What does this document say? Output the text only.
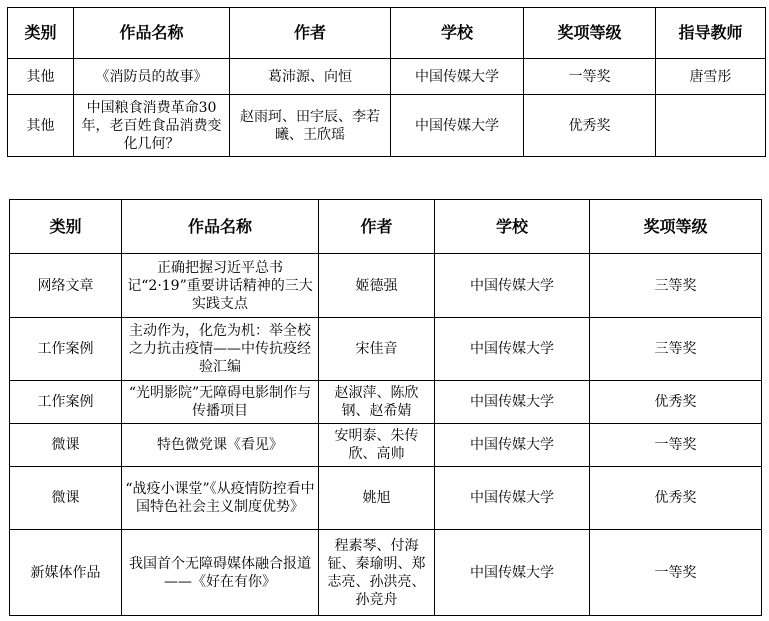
类别	作品名称	作者	学校	奖项等级	指导教师
其他	《消防员的故事》	葛沛源、向恒	中国传媒大学	一等奖	唐雪彤
其他	中国粮食消费革命30年，老百姓食品消费变化几何？	赵雨珂、田宇辰、李若曦、王欣瑶	中国传媒大学	优秀奖	
类别	作品名称	作者	学校	奖项等级
网络文章	正确把握习近平总书记“2·19”重要讲话精神的三大实践支点	姬德强	中国传媒大学	三等奖
工作案例	主动作为，化危为机：举全校之力抗击疫情——中传抗疫经验汇编	宋佳音	中国传媒大学	三等奖
工作案例	“光明影院”无障碍电影制作与传播项目	赵淑萍、陈欣钢、赵希婧	中国传媒大学	优秀奖
微课	特色微党课《看见》	安明泰、朱传欣、高帅	中国传媒大学	一等奖
微课	“战疫小课堂”《从疫情防控看中国特色社会主义制度优势》	姚旭	中国传媒大学	优秀奖
新媒体作品	我国首个无障碍媒体融合报道——《好在有你》	程素琴、付海钲、秦瑜明、郑志亮、孙洪亮、孙竞舟	中国传媒大学	一等奖
